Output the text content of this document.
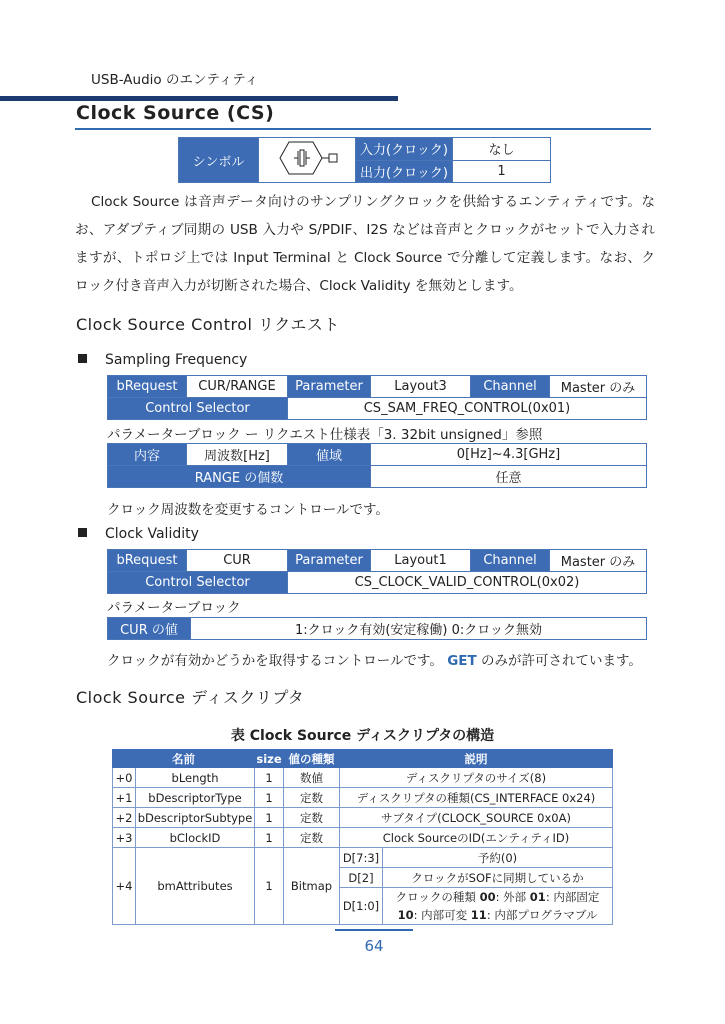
USB-Audio のエンティティ
Clock Source (CS)
シンボル		入力(クロック)	なし
		出力(クロック)	1

Clock Source は音声データ向けのサンプリングクロックを供給するエンティティです。なお、アダプティブ同期の USB 入力や S/PDIF、I2S などは音声とクロックがセットで入力されますが、トポロジ上では Input Terminal と Clock Source で分離して定義します。なお、クロック付き音声入力が切断された場合、Clock Validity を無効とします。

Clock Source Control リクエスト
Sampling Frequency
bRequest	CUR/RANGE	Parameter	Layout3	Channel	Master のみ
Control Selector		CS_SAM_FREQ_CONTROL(0x01)			
パラメーターブロック ー リクエスト仕様表「3. 32bit unsigned」参照
内容	周波数[Hz]	値域	0[Hz]~4.3[GHz]
RANGE の個数			任意
クロック周波数を変更するコントロールです。
Clock Validity
bRequest	CUR	Parameter	Layout1	Channel	Master のみ
Control Selector		CS_CLOCK_VALID_CONTROL(0x02)			
パラメーターブロック
CUR の値	1:クロック有効(安定稼働) 0:クロック無効
クロックが有効かどうかを取得するコントロールです。 GET のみが許可されています。
Clock Source ディスクリプタ
表 Clock Source ディスクリプタの構造
名前		size	値の種類	説明	
+0	bLength	1	数値	ディスクリプタのサイズ(8)	
+1	bDescriptorType	1	定数	ディスクリプタの種類(CS_INTERFACE 0x24)	
+2	bDescriptorSubtype	1	定数	サブタイプ(CLOCK_SOURCE 0x0A)	
+3	bClockID	1	定数	Clock SourceのID(エンティティID)	
+4	bmAttributes	1	Bitmap	D[7:3]	予約(0)
				D[2]	クロックがSOFに同期しているか
				D[1:0]	クロックの種類 00: 外部 01: 内部固定
10: 内部可変 11: 内部プログラマブル
64
